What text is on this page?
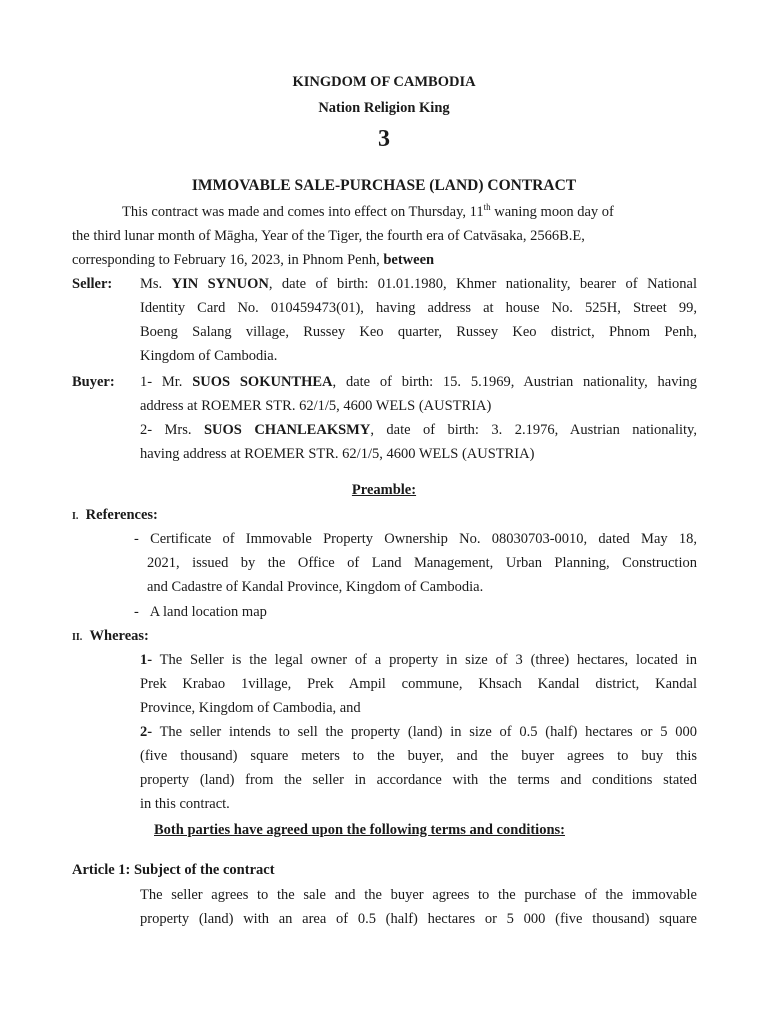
KINGDOM OF CAMBODIA
Nation Religion King
3
IMMOVABLE SALE-PURCHASE (LAND) CONTRACT
This contract was made and comes into effect on Thursday, 11th waning moon day of
the third lunar month of Māgha, Year of the Tiger, the fourth era of Catvāsaka, 2566B.E,
corresponding to February 16, 2023, in Phnom Penh, between
Seller: Ms. YIN SYNUON, date of birth: 01.01.1980, Khmer nationality, bearer of National
Identity Card No. 010459473(01), having address at house No. 525H, Street 99,
Boeng Salang village, Russey Keo quarter, Russey Keo district, Phnom Penh,
Kingdom of Cambodia.
Buyer: 1- Mr. SUOS SOKUNTHEA, date of birth: 15. 5.1969, Austrian nationality, having
address at ROEMER STR. 62/1/5, 4600 WELS (AUSTRIA)
2- Mrs. SUOS CHANLEAKSMY, date of birth: 3. 2.1976, Austrian nationality,
having address at ROEMER STR. 62/1/5, 4600 WELS (AUSTRIA)
Preamble:
I. References:
- Certificate of Immovable Property Ownership No. 08030703-0010, dated May 18,
2021, issued by the Office of Land Management, Urban Planning, Construction
and Cadastre of Kandal Province, Kingdom of Cambodia.
- A land location map
II. Whereas:
1- The Seller is the legal owner of a property in size of 3 (three) hectares, located in
Prek Krabao 1village, Prek Ampil commune, Khsach Kandal district, Kandal
Province, Kingdom of Cambodia, and
2- The seller intends to sell the property (land) in size of 0.5 (half) hectares or 5 000
(five thousand) square meters to the buyer, and the buyer agrees to buy this
property (land) from the seller in accordance with the terms and conditions stated
in this contract.
Both parties have agreed upon the following terms and conditions:
Article 1: Subject of the contract
The seller agrees to the sale and the buyer agrees to the purchase of the immovable
property (land) with an area of 0.5 (half) hectares or 5 000 (five thousand) square
